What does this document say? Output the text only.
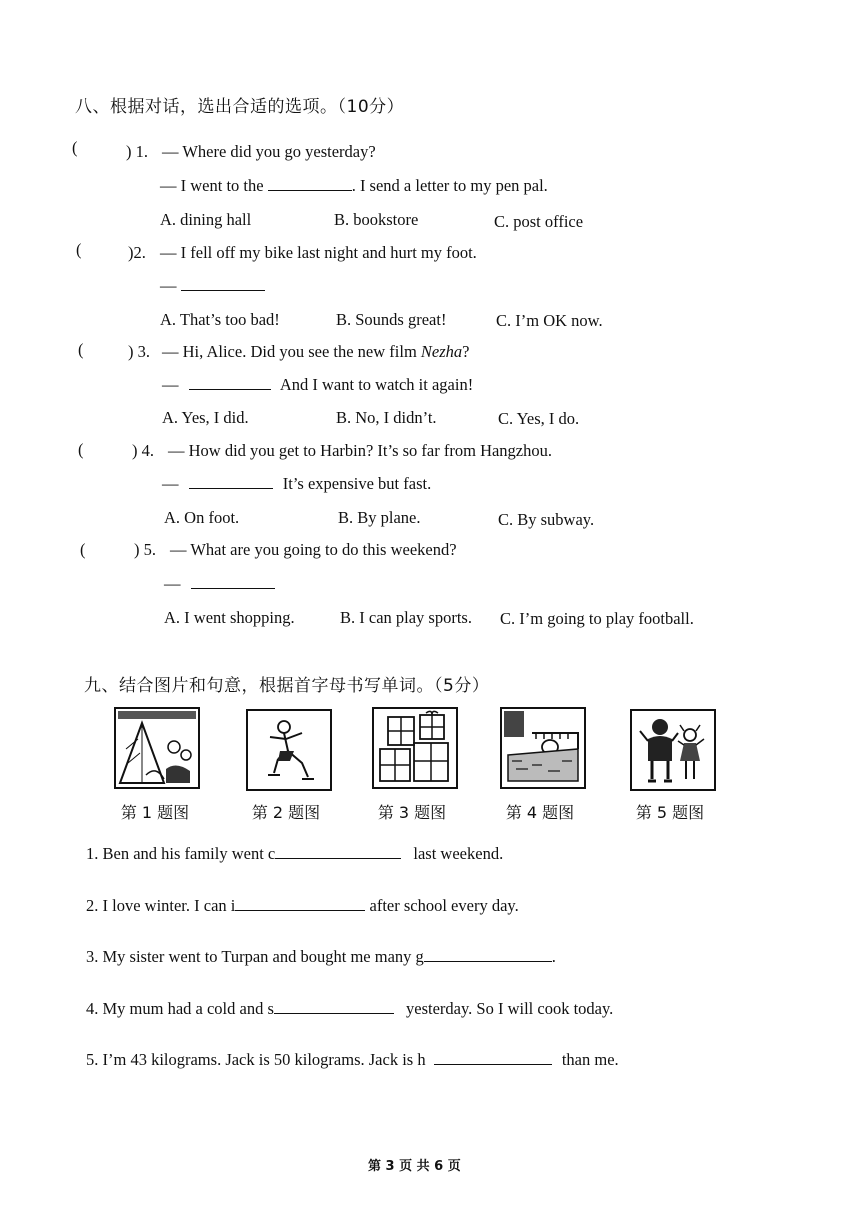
八、根据对话，选出合适的选项。（10分）
(	) 1. — Where did you go yesterday?
— I went to the	. I send a letter to my pen pal.
A. dining hall	B. bookstore	C. post office
(	)2. — I fell off my bike last night and hurt my foot.
—
A. That’s too bad!	B. Sounds great!	C. I’m OK now.
(	) 3. — Hi, Alice. Did you see the new film Nezha?
—	And I want to watch it again!
A. Yes, I did.	B. No, I didn’t.	C. Yes, I do.
(	) 4. — How did you get to Harbin? It’s so far from Hangzhou.
—	It’s expensive but fast.
A. On foot.	B. By plane.	C. By subway.
(	) 5. — What are you going to do this weekend?
—
A. I went shopping.	B. I can play sports. C. I’m going to play football.
九、结合图片和句意，根据首字母书写单词。（5分）
第 1 题图	第 2 题图	第 3 题图	第 4 题图	第 5 题图
1. Ben and his family went c	last weekend.
2. I love winter. I can i	after school every day.
3. My sister went to Turpan and bought me many g	.
4. My mum had a cold and s	yesterday. So I will cook today.
5. I’m 43 kilograms. Jack is 50 kilograms. Jack is h	than me.
第 3 页 共 6 页
